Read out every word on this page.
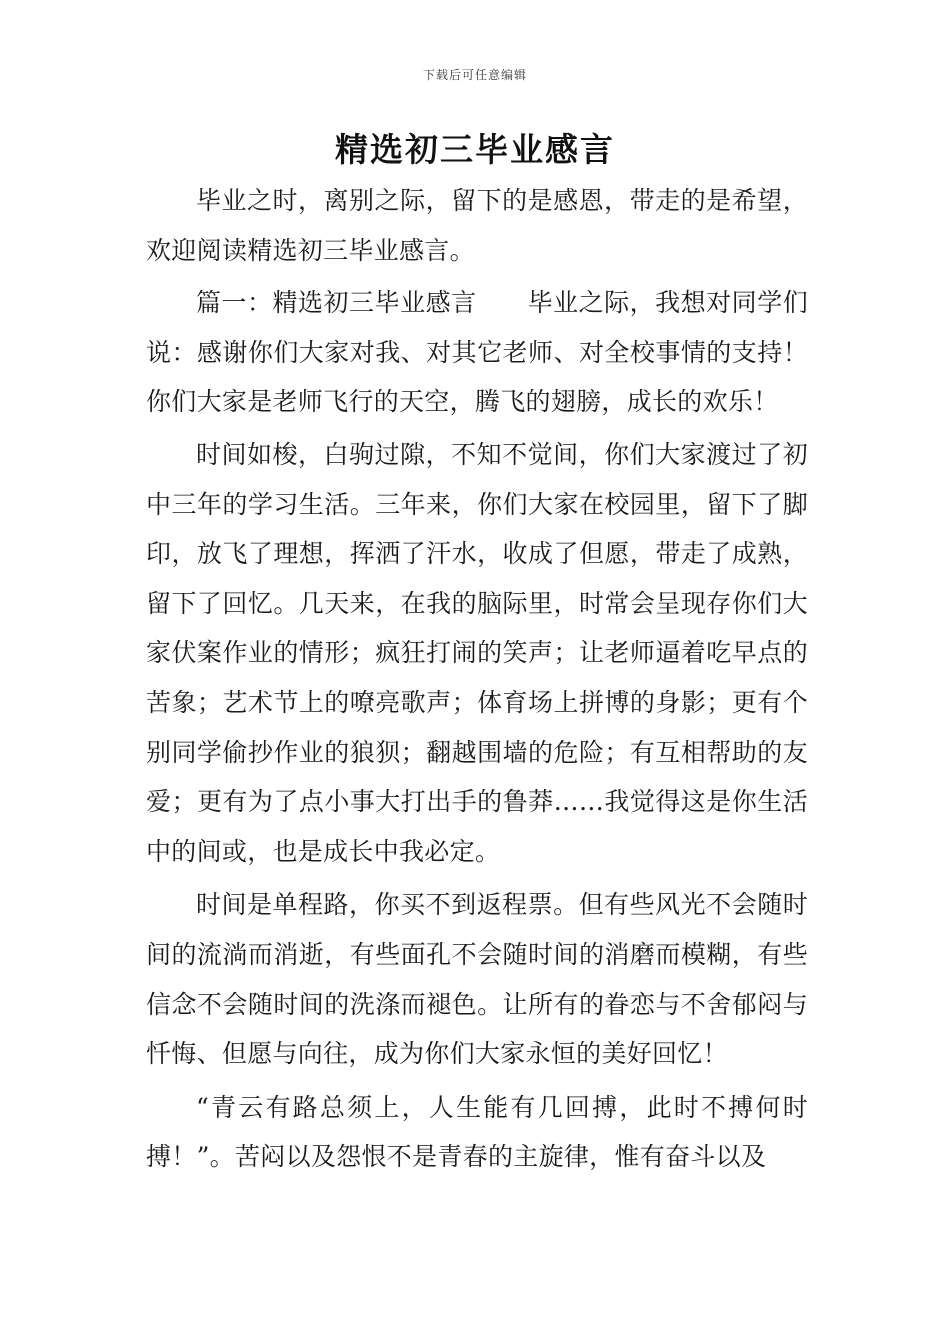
下载后可任意编辑
精选初三毕业感言

毕业之时，离别之际，留下的是感恩，带走的是希望，欢迎阅读精选初三毕业感言。

篇一：精选初三毕业感言　　毕业之际，我想对同学们说：感谢你们大家对我、对其它老师、对全校事情的支持！你们大家是老师飞行的天空，腾飞的翅膀，成长的欢乐！

时间如梭，白驹过隙，不知不觉间，你们大家渡过了初中三年的学习生活。三年来，你们大家在校园里，留下了脚印，放飞了理想，挥洒了汗水，收成了但愿，带走了成熟，留下了回忆。几天来，在我的脑际里，时常会呈现存你们大家伏案作业的情形；疯狂打闹的笑声；让老师逼着吃早点的苦象；艺术节上的嘹亮歌声；体育场上拼博的身影；更有个别同学偷抄作业的狼狈；翻越围墙的危险；有互相帮助的友爱；更有为了点小事大打出手的鲁莽……我觉得这是你生活中的间或，也是成长中我必定。

时间是单程路，你买不到返程票。但有些风光不会随时间的流淌而消逝，有些面孔不会随时间的消磨而模糊，有些信念不会随时间的洗涤而褪色。让所有的眷恋与不舍郁闷与忏悔、但愿与向往，成为你们大家永恒的美好回忆！

“青云有路总须上，人生能有几回搏，此时不搏何时搏！”。苦闷以及怨恨不是青春的主旋律，惟有奋斗以及
